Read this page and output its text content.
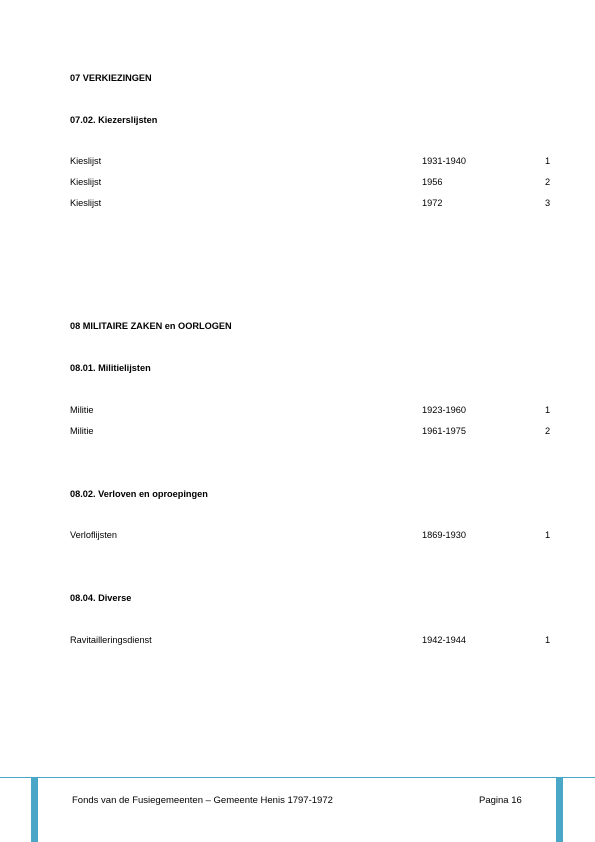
07 VERKIEZINGEN
07.02. Kiezerslijsten
Kieslijst	1931-1940	1
Kieslijst	1956	2
Kieslijst	1972	3
08 MILITAIRE ZAKEN en OORLOGEN
08.01. Militielijsten
Militie	1923-1960	1
Militie	1961-1975	2
08.02. Verloven en oproepingen
Verloflijsten	1869-1930	1
08.04. Diverse
Ravitailleringsdienst	1942-1944	1
Fonds van de Fusiegemeenten – Gemeente Henis 1797-1972	Pagina 16
